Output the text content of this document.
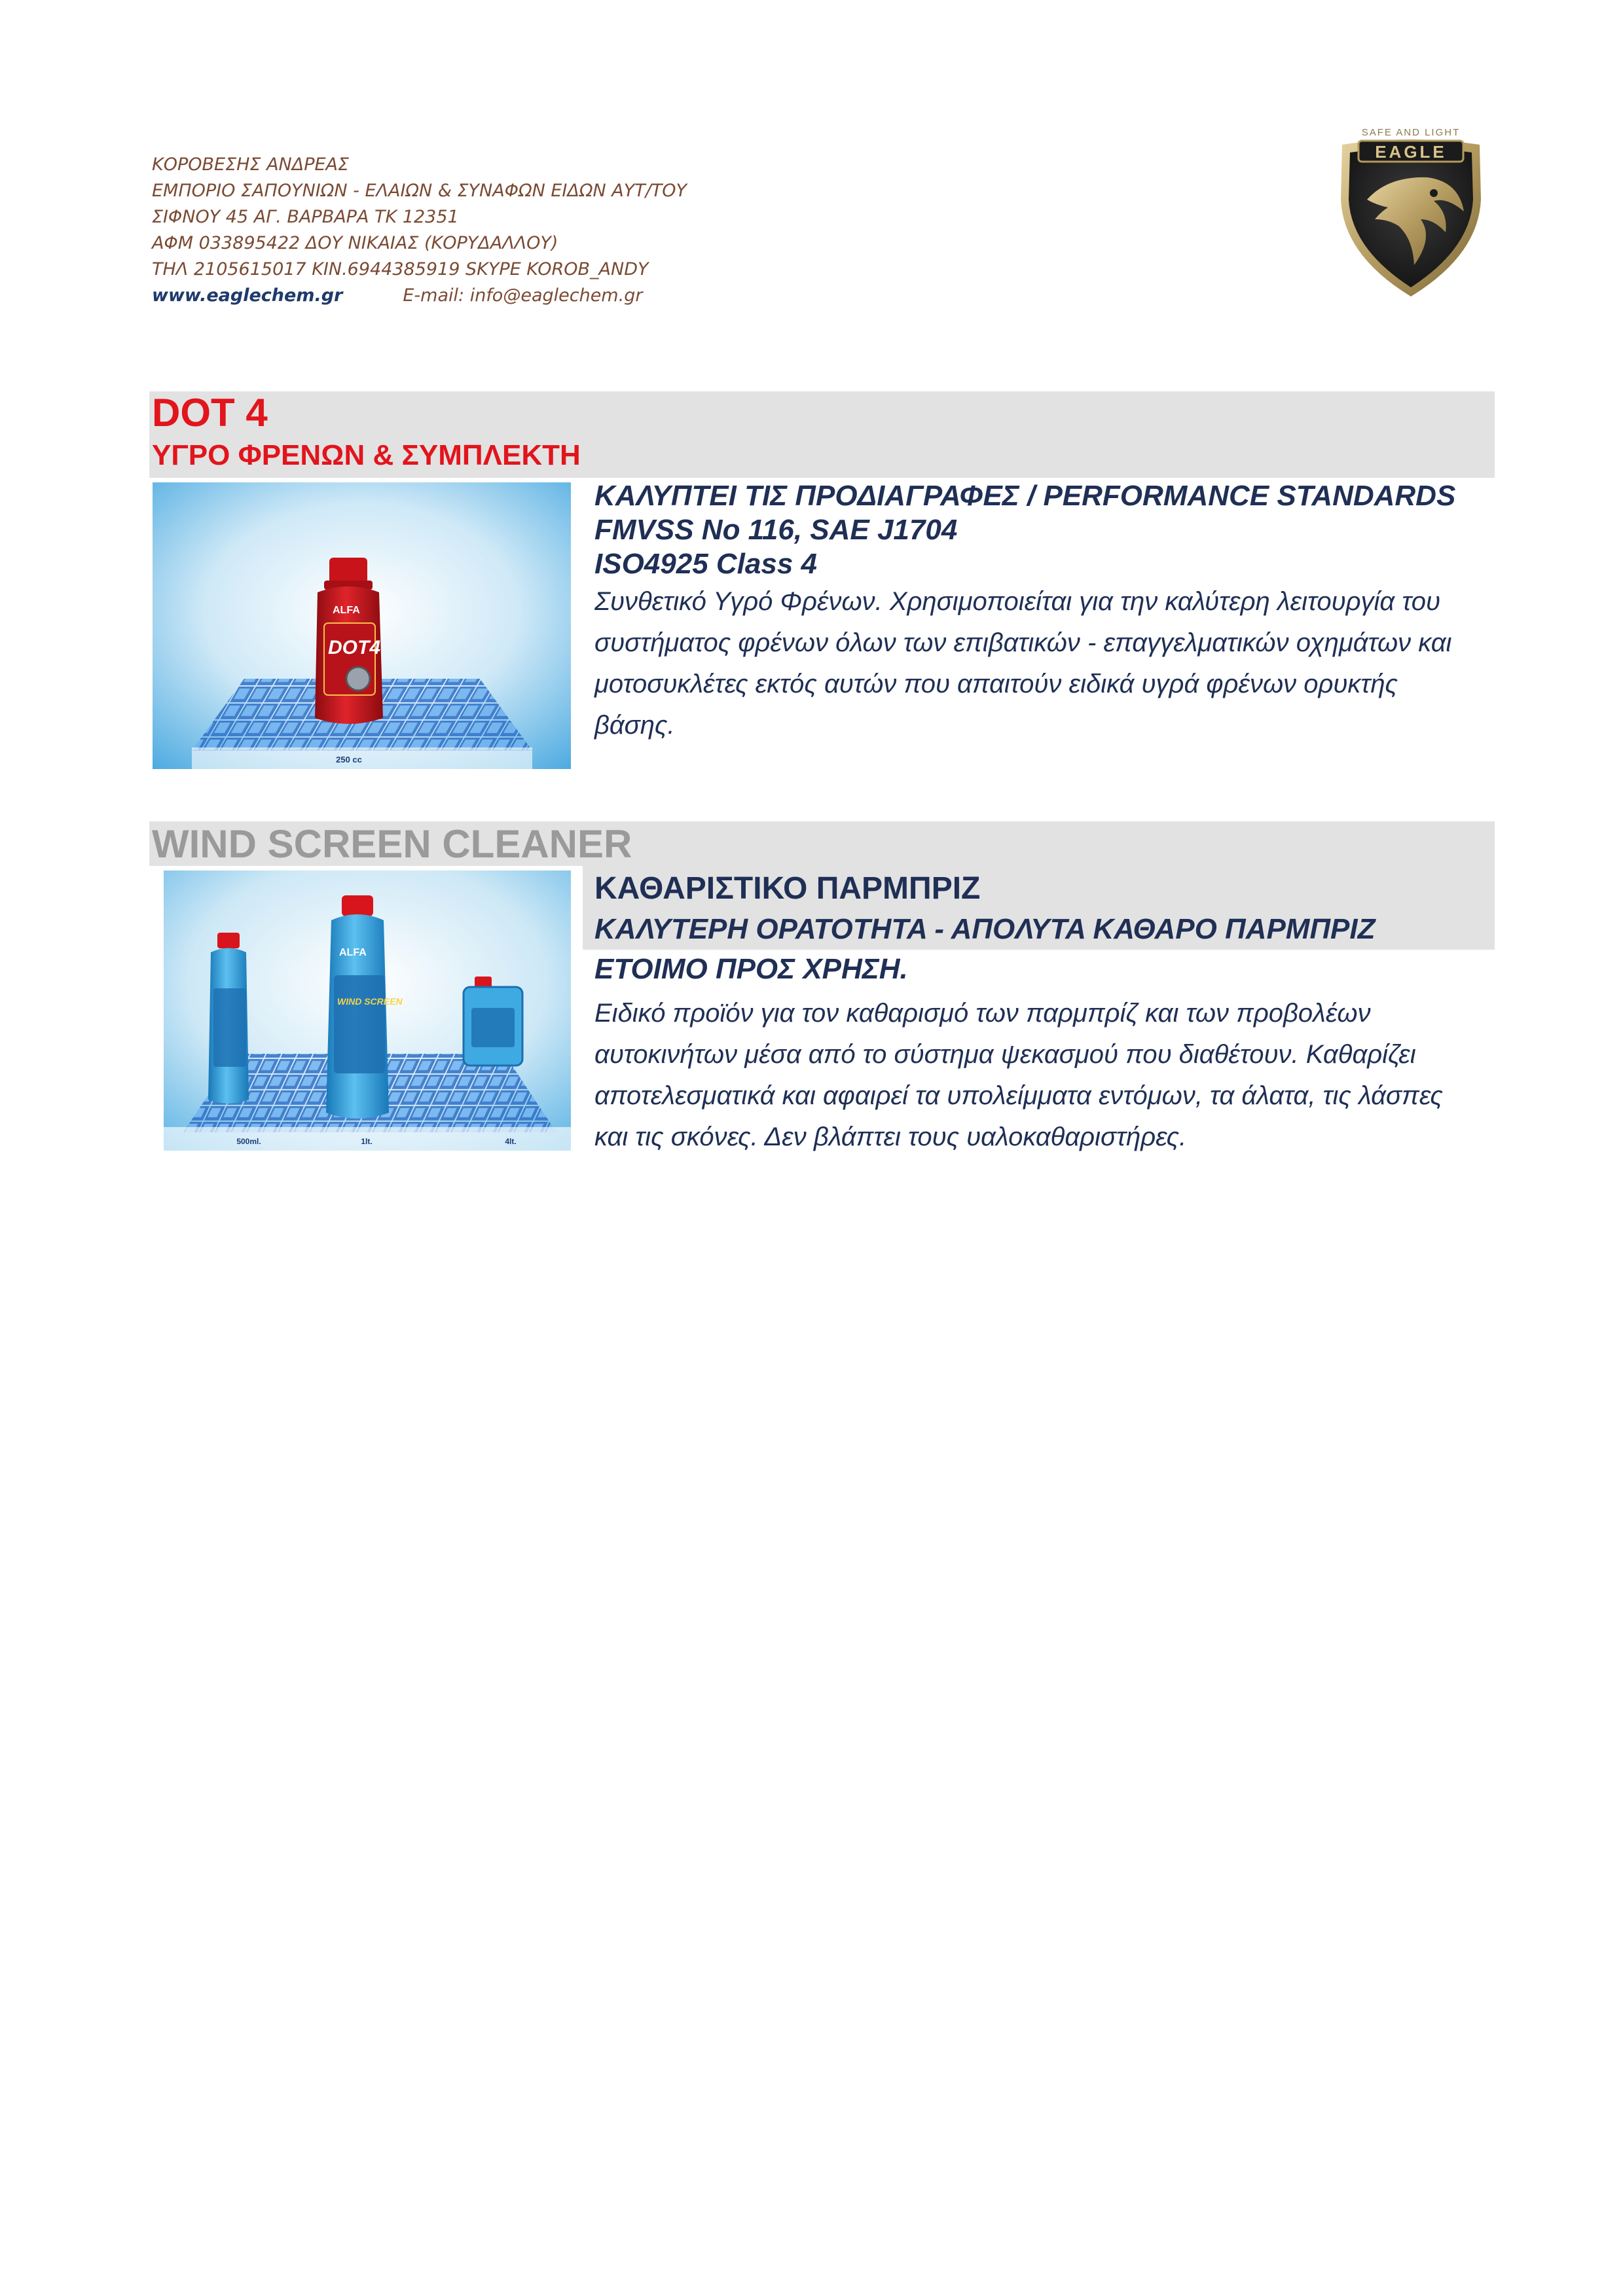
ΚΟΡΟΒΕΣΗΣ ΑΝΔΡΕΑΣ
ΕΜΠΟΡΙΟ ΣΑΠΟΥΝΙΩΝ - ΕΛΑΙΩΝ & ΣΥΝΑΦΩΝ ΕΙΔΩΝ ΑΥΤ/ΤΟΥ
ΣΙΦΝΟΥ 45 ΑΓ. ΒΑΡΒΑΡΑ ΤΚ 12351
ΑΦΜ 033895422 ΔΟΥ ΝΙΚΑΙΑΣ (ΚΟΡΥΔΑΛΛΟΥ)
ΤΗΛ 2105615017 ΚΙΝ.6944385919 SKYPE KOROB_ANDY
www.eaglechem.gr	E-mail: info@eaglechem.gr
SAFE AND LIGHT
EAGLE
DOT 4
ΥΓΡΟ ΦΡΕΝΩΝ & ΣΥΜΠΛΕΚΤΗ
ALFA
DOT4
250 cc
ΚΑΛΥΠΤΕΙ ΤΙΣ ΠΡΟΔΙΑΓΡΑΦΕΣ / PERFORMANCE STANDARDS
FMVSS No 116, SAE J1704
ISO4925 Class 4
Συνθετικό Υγρό Φρένων. Χρησιμοποιείται για την καλύτερη λειτουργία του
συστήματος φρένων όλων των επιβατικών - επαγγελματικών οχημάτων και
μοτοσυκλέτες εκτός αυτών που απαιτούν ειδικά υγρά φρένων ορυκτής
βάσης.
WIND SCREEN CLEANER
ALFA
WIND SCREEN
500ml.	1lt.	4lt.
ΚΑΘΑΡΙΣΤΙΚΟ ΠΑΡΜΠΡΙΖ
ΚΑΛΥΤΕΡΗ ΟΡΑΤΟΤΗΤΑ - ΑΠΟΛΥΤΑ ΚΑΘΑΡΟ ΠΑΡΜΠΡΙΖ
ΕΤΟΙΜΟ ΠΡΟΣ ΧΡΗΣΗ.
Ειδικό προϊόν για τον καθαρισμό των παρμπρίζ και των προβολέων
αυτοκινήτων μέσα από το σύστημα ψεκασμού που διαθέτουν. Καθαρίζει
αποτελεσματικά και αφαιρεί τα υπολείμματα εντόμων, τα άλατα, τις λάσπες
και τις σκόνες. Δεν βλάπτει τους υαλοκαθαριστήρες.
